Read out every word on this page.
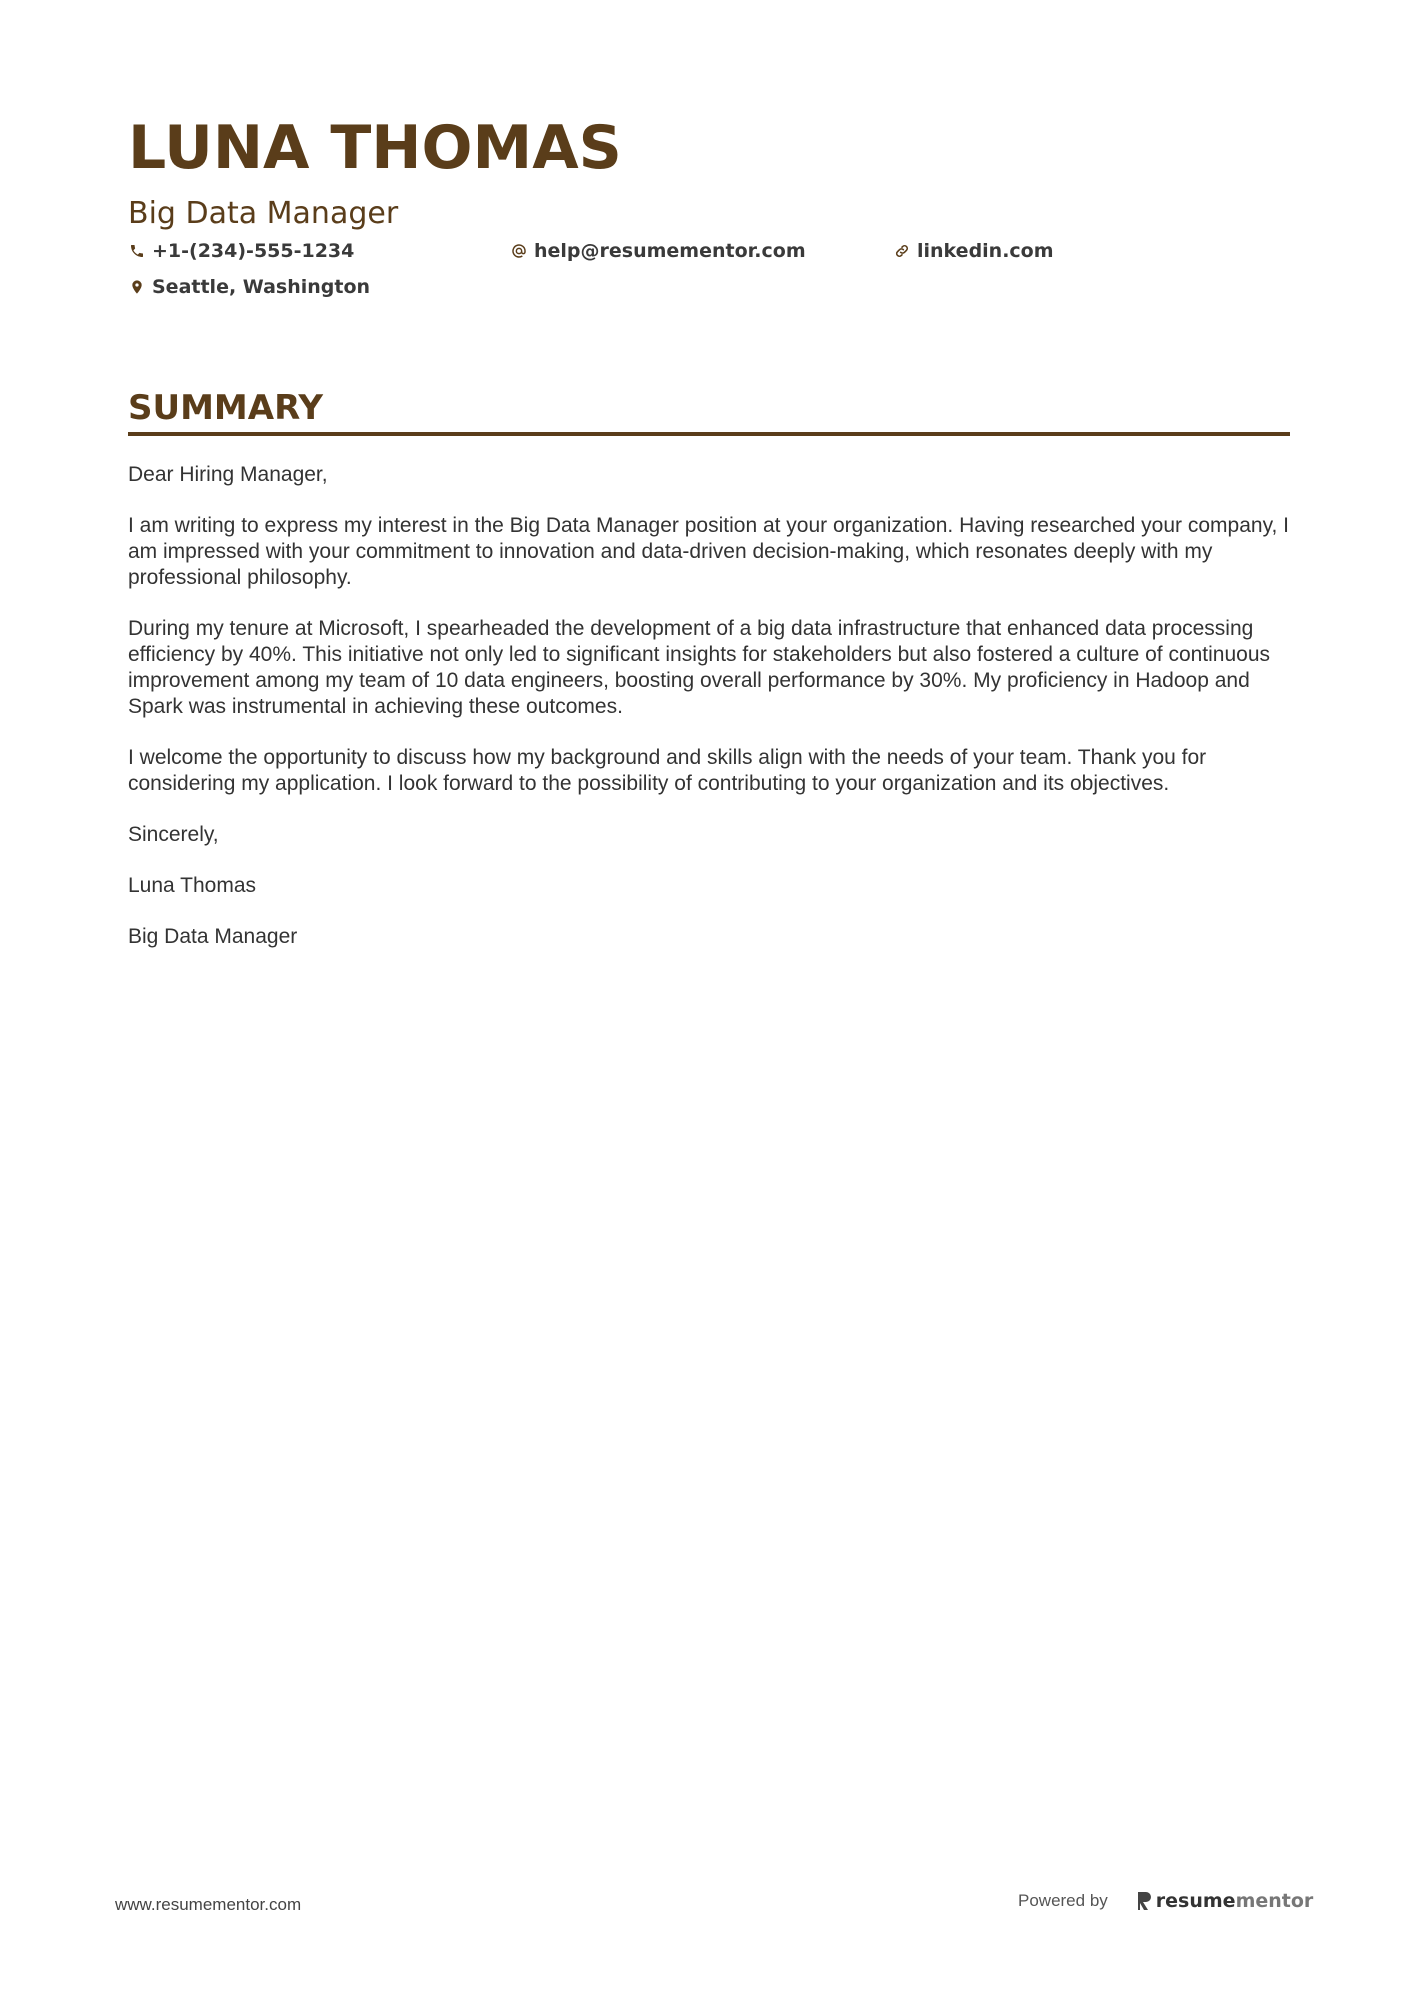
LUNA THOMAS
Big Data Manager
+1-(234)-555-1234	help@resumementor.com	linkedin.com
Seattle, Washington
SUMMARY

Dear Hiring Manager,

I am writing to express my interest in the Big Data Manager position at your organization. Having researched your company, I am impressed with your commitment to innovation and data-driven decision-making, which resonates deeply with my professional philosophy.

During my tenure at Microsoft, I spearheaded the development of a big data infrastructure that enhanced data processing efficiency by 40%. This initiative not only led to significant insights for stakeholders but also fostered a culture of continuous improvement among my team of 10 data engineers, boosting overall performance by 30%. My proficiency in Hadoop and Spark was instrumental in achieving these outcomes.

I welcome the opportunity to discuss how my background and skills align with the needs of your team. Thank you for considering my application. I look forward to the possibility of contributing to your organization and its objectives.

Sincerely,

Luna Thomas

Big Data Manager

www.resumementor.com	Powered by	resume mentor
